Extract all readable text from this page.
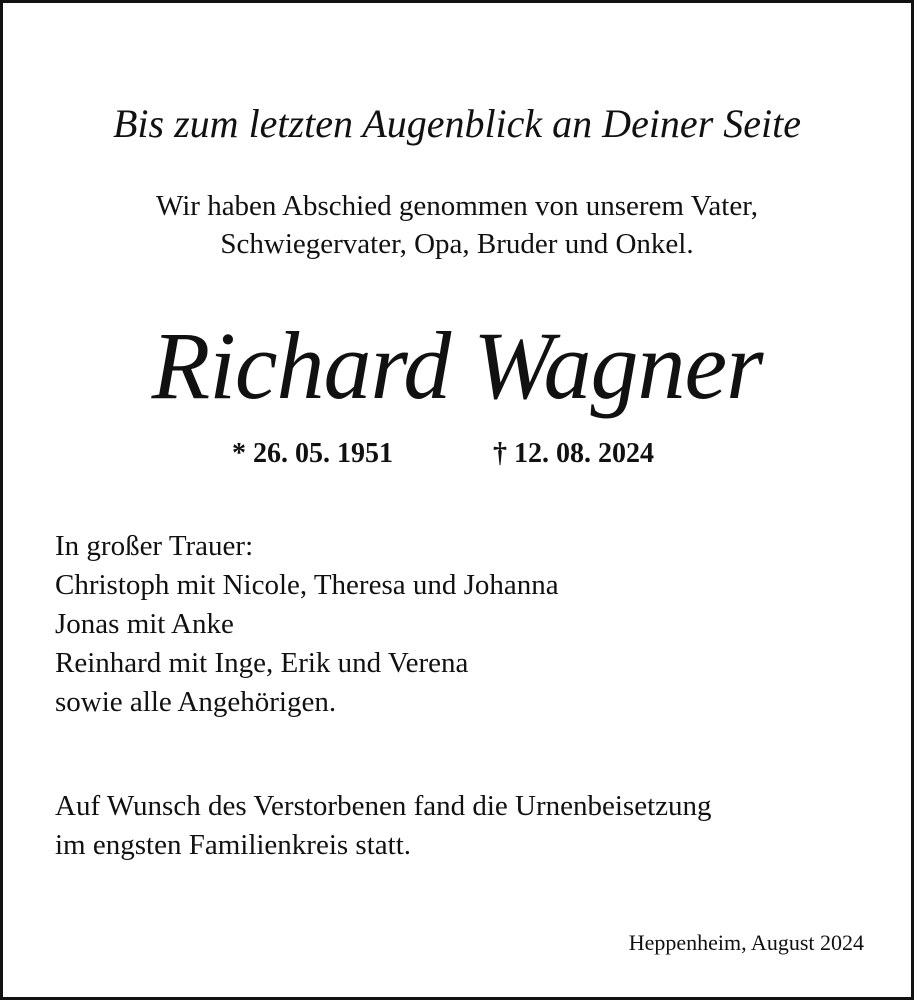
Bis zum letzten Augenblick an Deiner Seite
Wir haben Abschied genommen von unserem Vater,
Schwiegervater, Opa, Bruder und Onkel.
Richard Wagner
* 26. 05. 1951	† 12. 08. 2024
In großer Trauer:
Christoph mit Nicole, Theresa und Johanna
Jonas mit Anke
Reinhard mit Inge, Erik und Verena
sowie alle Angehörigen.
Auf Wunsch des Verstorbenen fand die Urnenbeisetzung
im engsten Familienkreis statt.
Heppenheim, August 2024
